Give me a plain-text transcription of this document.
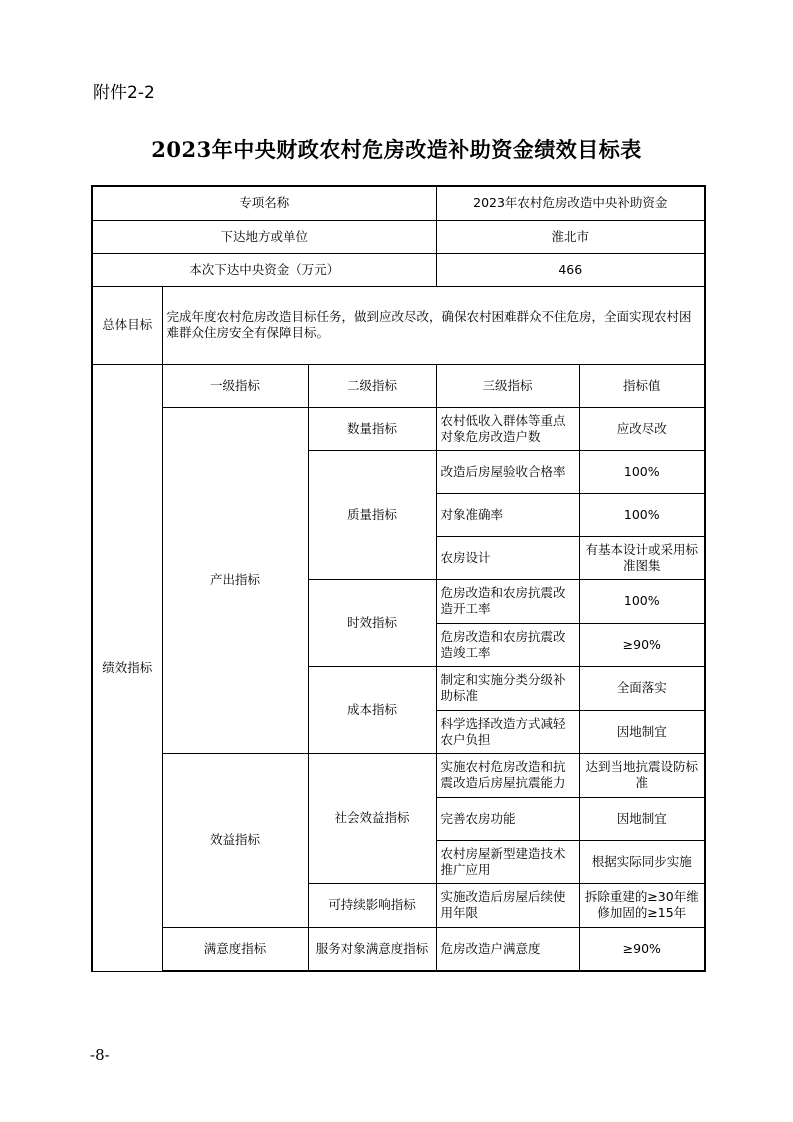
附件2-2
2023年中央财政农村危房改造补助资金绩效目标表
专项名称			2023年农村危房改造中央补助资金	
下达地方或单位			淮北市	
本次下达中央资金（万元）			466	
总体目标	完成年度农村危房改造目标任务，做到应改尽改，确保农村困难群众不住危房，全面实现农村困难群众住房安全有保障目标。			
绩效指标	一级指标	二级指标	三级指标	指标值
	产出指标	数量指标	农村低收入群体等重点对象危房改造户数	应改尽改
		质量指标	改造后房屋验收合格率	100%
			对象准确率	100%
			农房设计	有基本设计或采用标准图集
		时效指标	危房改造和农房抗震改造开工率	100%
			危房改造和农房抗震改造竣工率	≥90%
		成本指标	制定和实施分类分级补助标准	全面落实
			科学选择改造方式减轻农户负担	因地制宜
	效益指标	社会效益指标	实施农村危房改造和抗震改造后房屋抗震能力	达到当地抗震设防标准
			完善农房功能	因地制宜
			农村房屋新型建造技术推广应用	根据实际同步实施
		可持续影响指标	实施改造后房屋后续使用年限	拆除重建的≥30年维修加固的≥15年
	满意度指标	服务对象满意度指标	危房改造户满意度	≥90%
-8-
